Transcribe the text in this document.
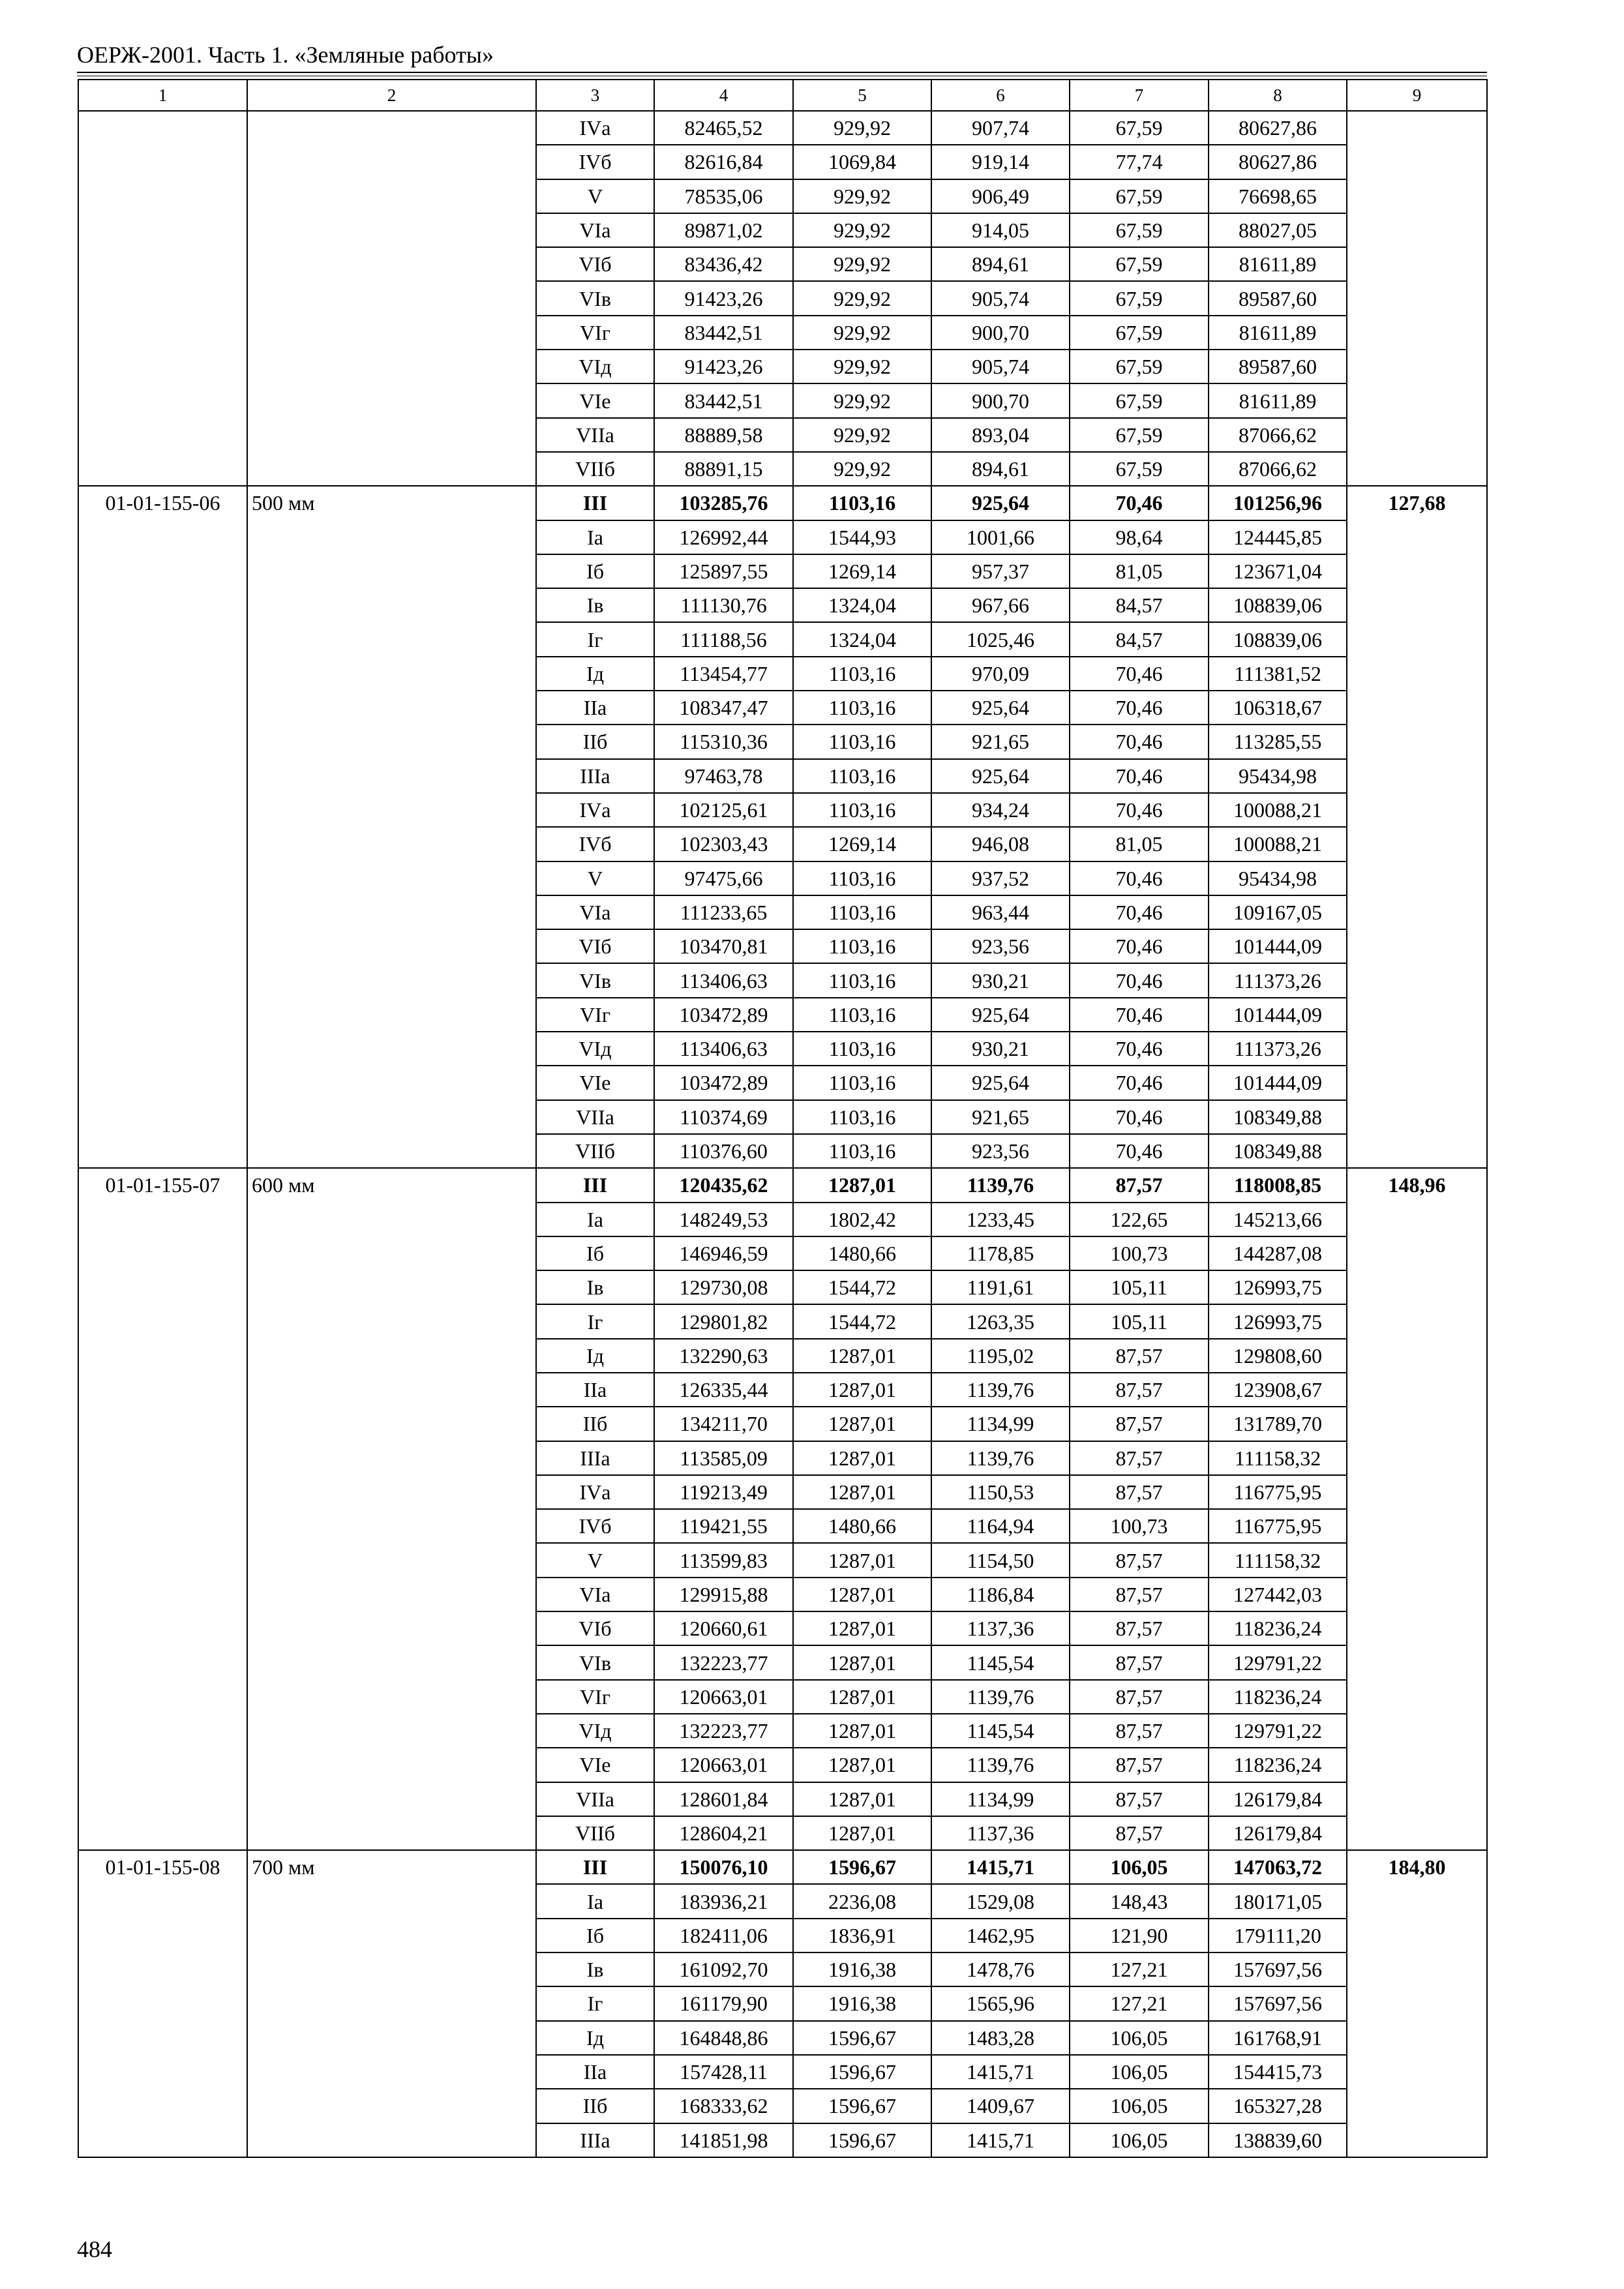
ОЕРЖ-2001. Часть 1. «Земляные работы»
1	2	3	4	5	6	7	8	9
		IVа	82465,52	929,92	907,74	67,59	80627,86	
		IVб	82616,84	1069,84	919,14	77,74	80627,86	
		V	78535,06	929,92	906,49	67,59	76698,65	
		VIа	89871,02	929,92	914,05	67,59	88027,05	
		VIб	83436,42	929,92	894,61	67,59	81611,89	
		VIв	91423,26	929,92	905,74	67,59	89587,60	
		VIг	83442,51	929,92	900,70	67,59	81611,89	
		VIд	91423,26	929,92	905,74	67,59	89587,60	
		VIе	83442,51	929,92	900,70	67,59	81611,89	
		VIIа	88889,58	929,92	893,04	67,59	87066,62	
		VIIб	88891,15	929,92	894,61	67,59	87066,62	
01-01-155-06	500 мм	III	103285,76	1103,16	925,64	70,46	101256,96	127,68
		Iа	126992,44	1544,93	1001,66	98,64	124445,85	
		Iб	125897,55	1269,14	957,37	81,05	123671,04	
		Iв	111130,76	1324,04	967,66	84,57	108839,06	
		Iг	111188,56	1324,04	1025,46	84,57	108839,06	
		Iд	113454,77	1103,16	970,09	70,46	111381,52	
		IIа	108347,47	1103,16	925,64	70,46	106318,67	
		IIб	115310,36	1103,16	921,65	70,46	113285,55	
		IIIа	97463,78	1103,16	925,64	70,46	95434,98	
		IVа	102125,61	1103,16	934,24	70,46	100088,21	
		IVб	102303,43	1269,14	946,08	81,05	100088,21	
		V	97475,66	1103,16	937,52	70,46	95434,98	
		VIа	111233,65	1103,16	963,44	70,46	109167,05	
		VIб	103470,81	1103,16	923,56	70,46	101444,09	
		VIв	113406,63	1103,16	930,21	70,46	111373,26	
		VIг	103472,89	1103,16	925,64	70,46	101444,09	
		VIд	113406,63	1103,16	930,21	70,46	111373,26	
		VIе	103472,89	1103,16	925,64	70,46	101444,09	
		VIIа	110374,69	1103,16	921,65	70,46	108349,88	
		VIIб	110376,60	1103,16	923,56	70,46	108349,88	
01-01-155-07	600 мм	III	120435,62	1287,01	1139,76	87,57	118008,85	148,96
		Iа	148249,53	1802,42	1233,45	122,65	145213,66	
		Iб	146946,59	1480,66	1178,85	100,73	144287,08	
		Iв	129730,08	1544,72	1191,61	105,11	126993,75	
		Iг	129801,82	1544,72	1263,35	105,11	126993,75	
		Iд	132290,63	1287,01	1195,02	87,57	129808,60	
		IIа	126335,44	1287,01	1139,76	87,57	123908,67	
		IIб	134211,70	1287,01	1134,99	87,57	131789,70	
		IIIа	113585,09	1287,01	1139,76	87,57	111158,32	
		IVа	119213,49	1287,01	1150,53	87,57	116775,95	
		IVб	119421,55	1480,66	1164,94	100,73	116775,95	
		V	113599,83	1287,01	1154,50	87,57	111158,32	
		VIа	129915,88	1287,01	1186,84	87,57	127442,03	
		VIб	120660,61	1287,01	1137,36	87,57	118236,24	
		VIв	132223,77	1287,01	1145,54	87,57	129791,22	
		VIг	120663,01	1287,01	1139,76	87,57	118236,24	
		VIд	132223,77	1287,01	1145,54	87,57	129791,22	
		VIе	120663,01	1287,01	1139,76	87,57	118236,24	
		VIIа	128601,84	1287,01	1134,99	87,57	126179,84	
		VIIб	128604,21	1287,01	1137,36	87,57	126179,84	
01-01-155-08	700 мм	III	150076,10	1596,67	1415,71	106,05	147063,72	184,80
		Iа	183936,21	2236,08	1529,08	148,43	180171,05	
		Iб	182411,06	1836,91	1462,95	121,90	179111,20	
		Iв	161092,70	1916,38	1478,76	127,21	157697,56	
		Iг	161179,90	1916,38	1565,96	127,21	157697,56	
		Iд	164848,86	1596,67	1483,28	106,05	161768,91	
		IIа	157428,11	1596,67	1415,71	106,05	154415,73	
		IIб	168333,62	1596,67	1409,67	106,05	165327,28	
		IIIа	141851,98	1596,67	1415,71	106,05	138839,60	
484
